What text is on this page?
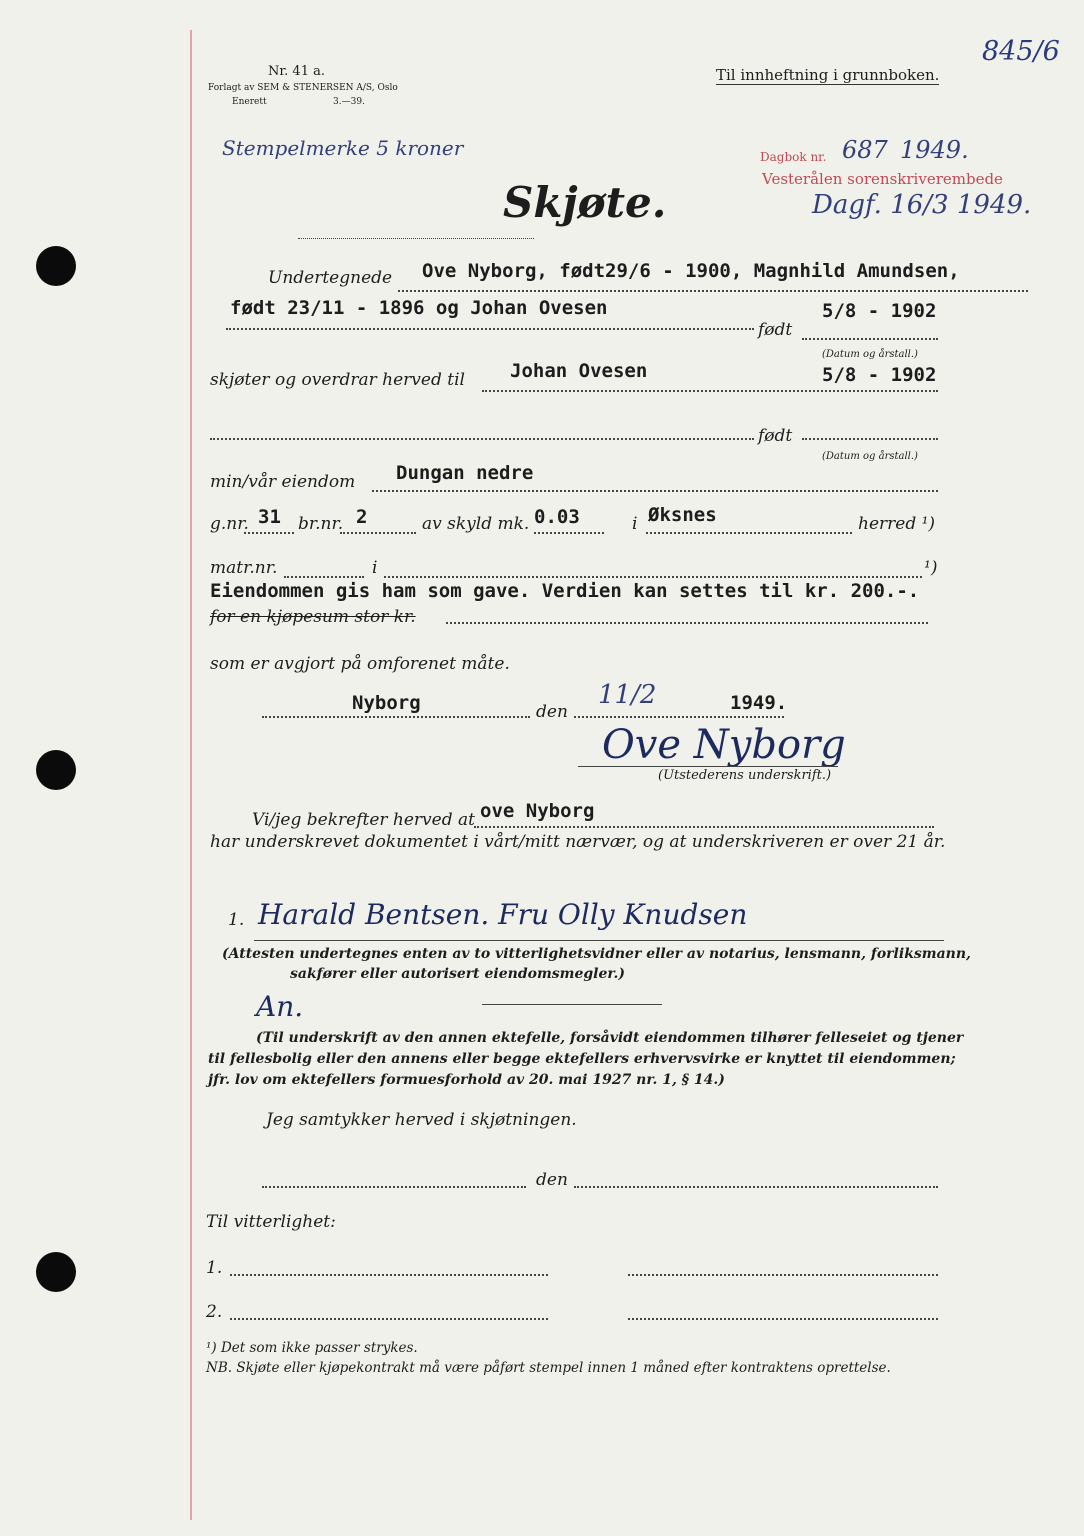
Nr. 41 a.
Forlagt av SEM & STENERSEN A/S, Oslo
Enerett	3.—39.
Til innheftning i grunnboken.
845/6
Stempelmerke 5 kroner	Dagbok nr. 687 1949.
Vesterålen sorenskriverembede
Dagf. 16/3 1949.
Skjøte.
Undertegnede Ove Nyborg, født29/6 - 1900, Magnhild Amundsen,
født 23/11 - 1896 og Johan Ovesen	5/8 - 1902
født
(Datum og årstall.)
skjøter og overdrar herved til Johan Ovesen	5/8 - 1902
født
(Datum og årstall.)
min/vår eiendom Dungan nedre
g.nr. 31 br.nr. 2	av skyld mk. 0.03	i Øksnes	herred ¹)
matr.nr.	i	¹)
Eiendommen gis ham som gave. Verdien kan settes til kr. 200.-.
for en kjøpesum stor kr.
som er avgjort på omforenet måte.
Nyborg	den
11/2	1949.
Ove Nyborg
(Utstederens underskrift.)
Vi/jeg bekrefter herved at ove Nyborg
har underskrevet dokumentet i vårt/mitt nærvær, og at underskriveren er over 21 år.
1. Harald Bentsen. Fru Olly Knudsen
(Attesten undertegnes enten av to vitterlighetsvidner eller av notarius, lensmann, forliksmann,
sakfører eller autorisert eiendomsmegler.)
An.
(Til underskrift av den annen ektefelle, forsåvidt eiendommen tilhører felleseiet og tjener
til fellesbolig eller den annens eller begge ektefellers erhvervsvirke er knyttet til eiendommen;
jfr. lov om ektefellers formuesforhold av 20. mai 1927 nr. 1, § 14.)
Jeg samtykker herved i skjøtningen.
den
Til vitterlighet:
1.
2.
¹) Det som ikke passer strykes.
NB. Skjøte eller kjøpekontrakt må være påført stempel innen 1 måned efter kontraktens oprettelse.
